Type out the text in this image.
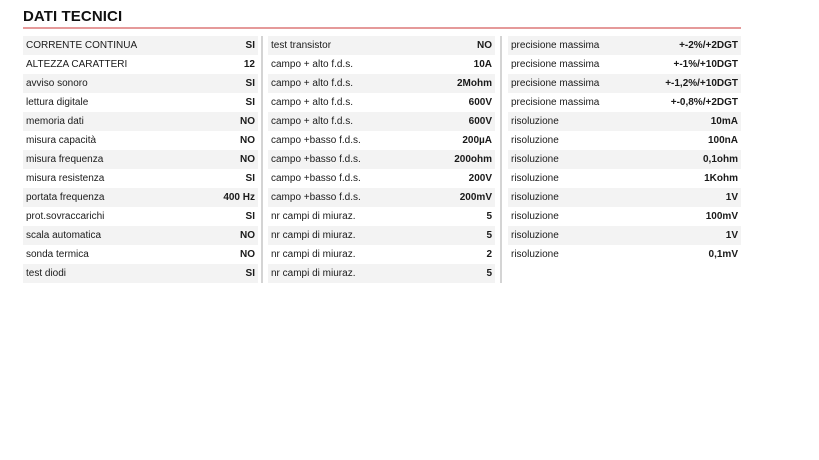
DATI TECNICI
CORRENTE CONTINUA	SI
ALTEZZA CARATTERI	12
avviso sonoro	SI
lettura digitale	SI
memoria dati	NO
misura capacità	NO
misura frequenza	NO
misura resistenza	SI
portata frequenza	400 Hz
prot.sovraccarichi	SI
scala automatica	NO
sonda termica	NO
test diodi	SI
test transistor	NO
campo + alto f.d.s.	10A
campo + alto f.d.s.	2Mohm
campo + alto f.d.s.	600V
campo + alto f.d.s.	600V
campo +basso f.d.s.	200µA
campo +basso f.d.s.	200ohm
campo +basso f.d.s.	200V
campo +basso f.d.s.	200mV
nr campi di miuraz.	5
nr campi di miuraz.	5
nr campi di miuraz.	2
nr campi di miuraz.	5
precisione massima	+-2%/+2DGT
precisione massima	+-1%/+10DGT
precisione massima	+-1,2%/+10DGT
precisione massima	+-0,8%/+2DGT
risoluzione	10mA
risoluzione	100nA
risoluzione	0,1ohm
risoluzione	1Kohm
risoluzione	1V
risoluzione	100mV
risoluzione	1V
risoluzione	0,1mV
